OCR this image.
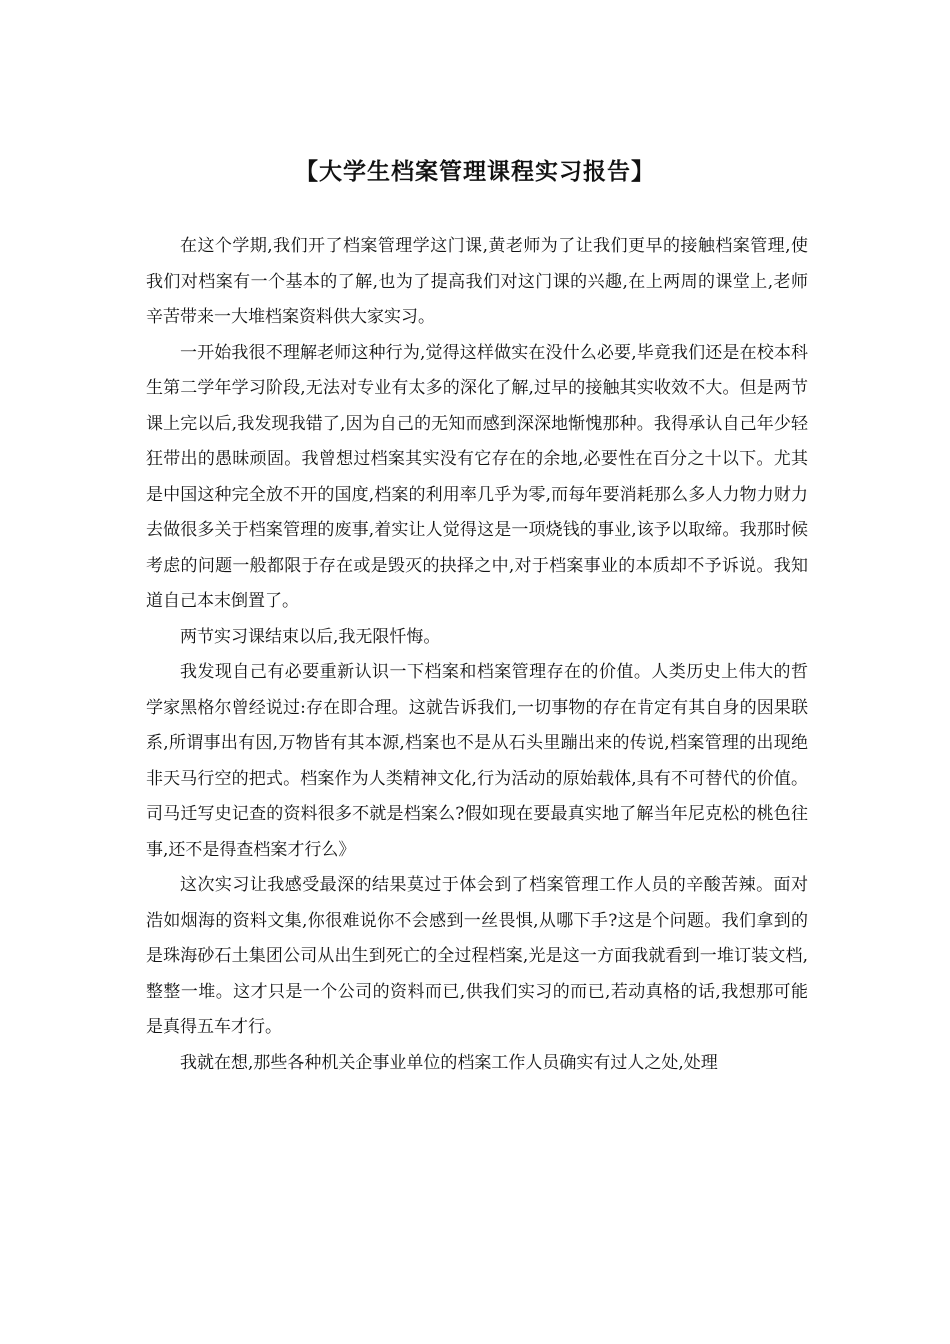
【大学生档案管理课程实习报告】

在这个学期,我们开了档案管理学这门课,黄老师为了让我们更早的接触档案管理,使我们对档案有一个基本的了解,也为了提高我们对这门课的兴趣,在上两周的课堂上,老师辛苦带来一大堆档案资料供大家实习。

一开始我很不理解老师这种行为,觉得这样做实在没什么必要,毕竟我们还是在校本科生第二学年学习阶段,无法对专业有太多的深化了解,过早的接触其实收效不大。但是两节课上完以后,我发现我错了,因为自己的无知而感到深深地惭愧那种。我得承认自己年少轻狂带出的愚昧顽固。我曾想过档案其实没有它存在的余地,必要性在百分之十以下。尤其是中国这种完全放不开的国度,档案的利用率几乎为零,而每年要消耗那么多人力物力财力去做很多关于档案管理的废事,着实让人觉得这是一项烧钱的事业,该予以取缔。我那时候考虑的问题一般都限于存在或是毁灭的抉择之中,对于档案事业的本质却不予诉说。我知道自己本末倒置了。

两节实习课结束以后,我无限忏悔。

我发现自己有必要重新认识一下档案和档案管理存在的价值。人类历史上伟大的哲学家黑格尔曾经说过:存在即合理。这就告诉我们,一切事物的存在肯定有其自身的因果联系,所谓事出有因,万物皆有其本源,档案也不是从石头里蹦出来的传说,档案管理的出现绝非天马行空的把式。档案作为人类精神文化,行为活动的原始载体,具有不可替代的价值。司马迁写史记查的资料很多不就是档案么?假如现在要最真实地了解当年尼克松的桃色往事,还不是得查档案才行么》

这次实习让我感受最深的结果莫过于体会到了档案管理工作人员的辛酸苦辣。面对浩如烟海的资料文集,你很难说你不会感到一丝畏惧,从哪下手?这是个问题。我们拿到的是珠海砂石土集团公司从出生到死亡的全过程档案,光是这一方面我就看到一堆订装文档,整整一堆。这才只是一个公司的资料而已,供我们实习的而已,若动真格的话,我想那可能是真得五车才行。

我就在想,那些各种机关企事业单位的档案工作人员确实有过人之处,处理
